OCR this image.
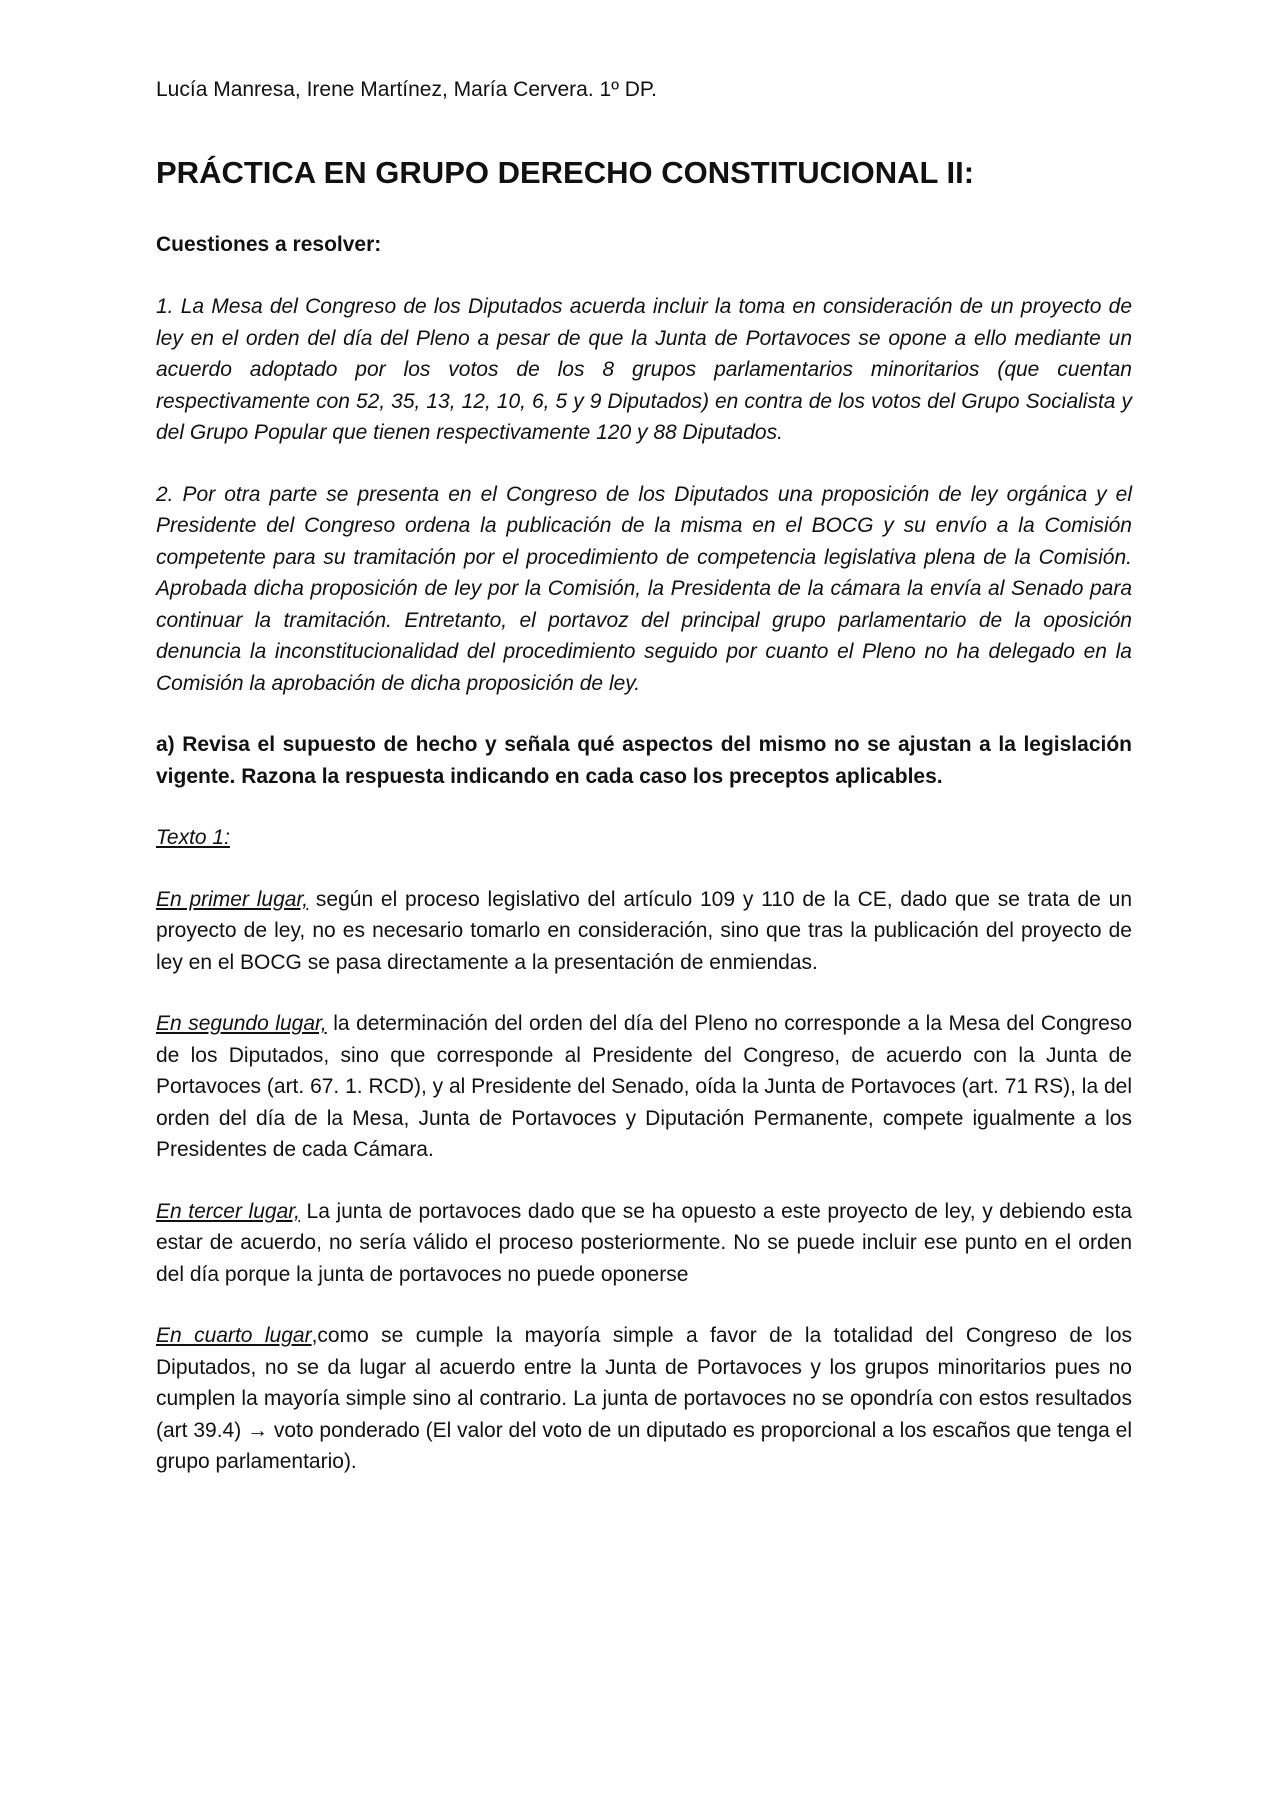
Lucía Manresa, Irene Martínez, María Cervera. 1º DP.

PRÁCTICA EN GRUPO DERECHO CONSTITUCIONAL II:

Cuestiones a resolver:

1. La Mesa del Congreso de los Diputados acuerda incluir la toma en consideración de un proyecto de ley en el orden del día del Pleno a pesar de que la Junta de Portavoces se opone a ello mediante un acuerdo adoptado por los votos de los 8 grupos parlamentarios minoritarios (que cuentan respectivamente con 52, 35, 13, 12, 10, 6, 5 y 9 Diputados) en contra de los votos del Grupo Socialista y del Grupo Popular que tienen respectivamente 120 y 88 Diputados.

2. Por otra parte se presenta en el Congreso de los Diputados una proposición de ley orgánica y el Presidente del Congreso ordena la publicación de la misma en el BOCG y su envío a la Comisión competente para su tramitación por el procedimiento de competencia legislativa plena de la Comisión. Aprobada dicha proposición de ley por la Comisión, la Presidenta de la cámara la envía al Senado para continuar la tramitación. Entretanto, el portavoz del principal grupo parlamentario de la oposición denuncia la inconstitucionalidad del procedimiento seguido por cuanto el Pleno no ha delegado en la Comisión la aprobación de dicha proposición de ley.

a) Revisa el supuesto de hecho y señala qué aspectos del mismo no se ajustan a la legislación vigente. Razona la respuesta indicando en cada caso los preceptos aplicables.

Texto 1:

En primer lugar, según el proceso legislativo del artículo 109 y 110 de la CE, dado que se trata de un proyecto de ley, no es necesario tomarlo en consideración, sino que tras la publicación del proyecto de ley en el BOCG se pasa directamente a la presentación de enmiendas.

En segundo lugar, la determinación del orden del día del Pleno no corresponde a la Mesa del Congreso de los Diputados, sino que corresponde al Presidente del Congreso, de acuerdo con la Junta de Portavoces (art. 67. 1. RCD), y al Presidente del Senado, oída la Junta de Portavoces (art. 71 RS), la del orden del día de la Mesa, Junta de Portavoces y Diputación Permanente, compete igualmente a los Presidentes de cada Cámara.

En tercer lugar, La junta de portavoces dado que se ha opuesto a este proyecto de ley, y debiendo esta estar de acuerdo, no sería válido el proceso posteriormente. No se puede incluir ese punto en el orden del día porque la junta de portavoces no puede oponerse

En cuarto lugar,como se cumple la mayoría simple a favor de la totalidad del Congreso de los Diputados, no se da lugar al acuerdo entre la Junta de Portavoces y los grupos minoritarios pues no cumplen la mayoría simple sino al contrario. La junta de portavoces no se opondría con estos resultados (art 39.4) → voto ponderado (El valor del voto de un diputado es proporcional a los escaños que tenga el grupo parlamentario).
